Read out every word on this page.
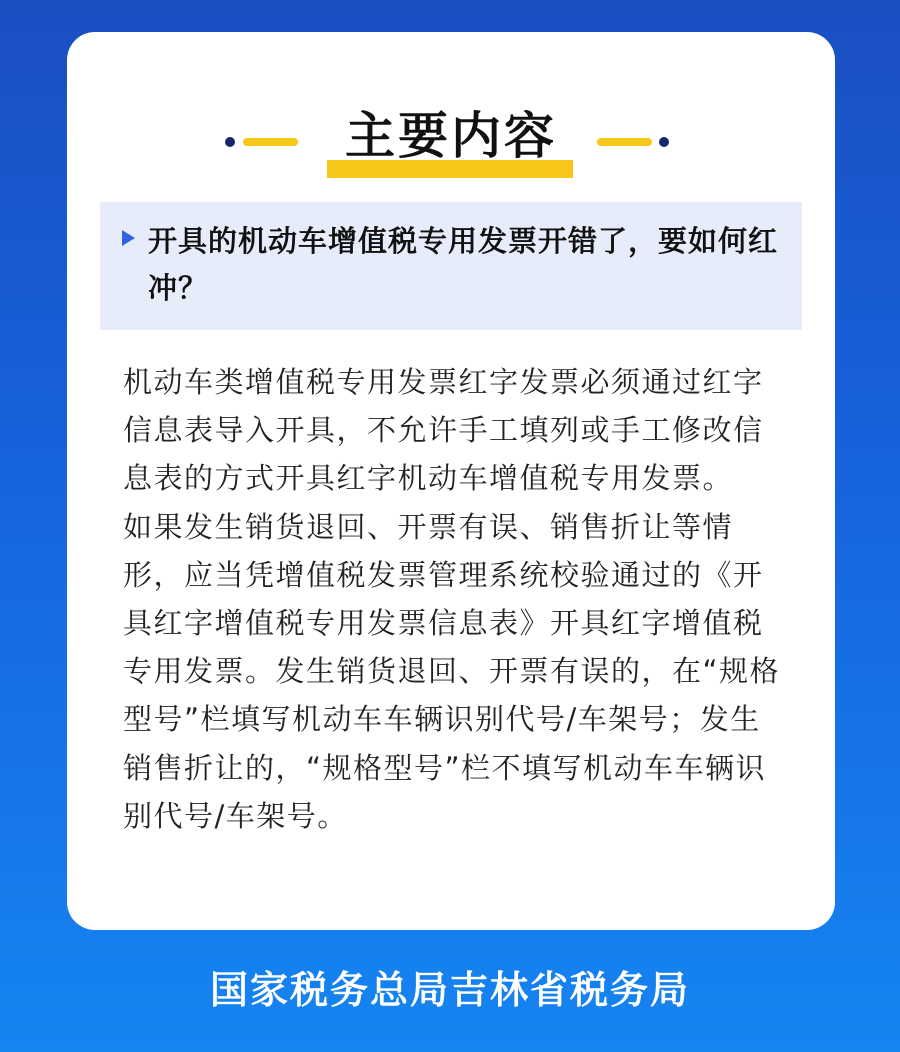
主要内容
开具的机动车增值税专用发票开错了，要如何红冲？

机动车类增值税专用发票红字发票必须通过红字信息表导入开具，不允许手工填列或手工修改信息表的方式开具红字机动车增值税专用发票。

如果发生销货退回、开票有误、销售折让等情形，应当凭增值税发票管理系统校验通过的《开具红字增值税专用发票信息表》开具红字增值税专用发票。发生销货退回、开票有误的，在“规格型号”栏填写机动车车辆识别代号/车架号；发生销售折让的，“规格型号”栏不填写机动车车辆识别代号/车架号。

国家税务总局吉林省税务局
